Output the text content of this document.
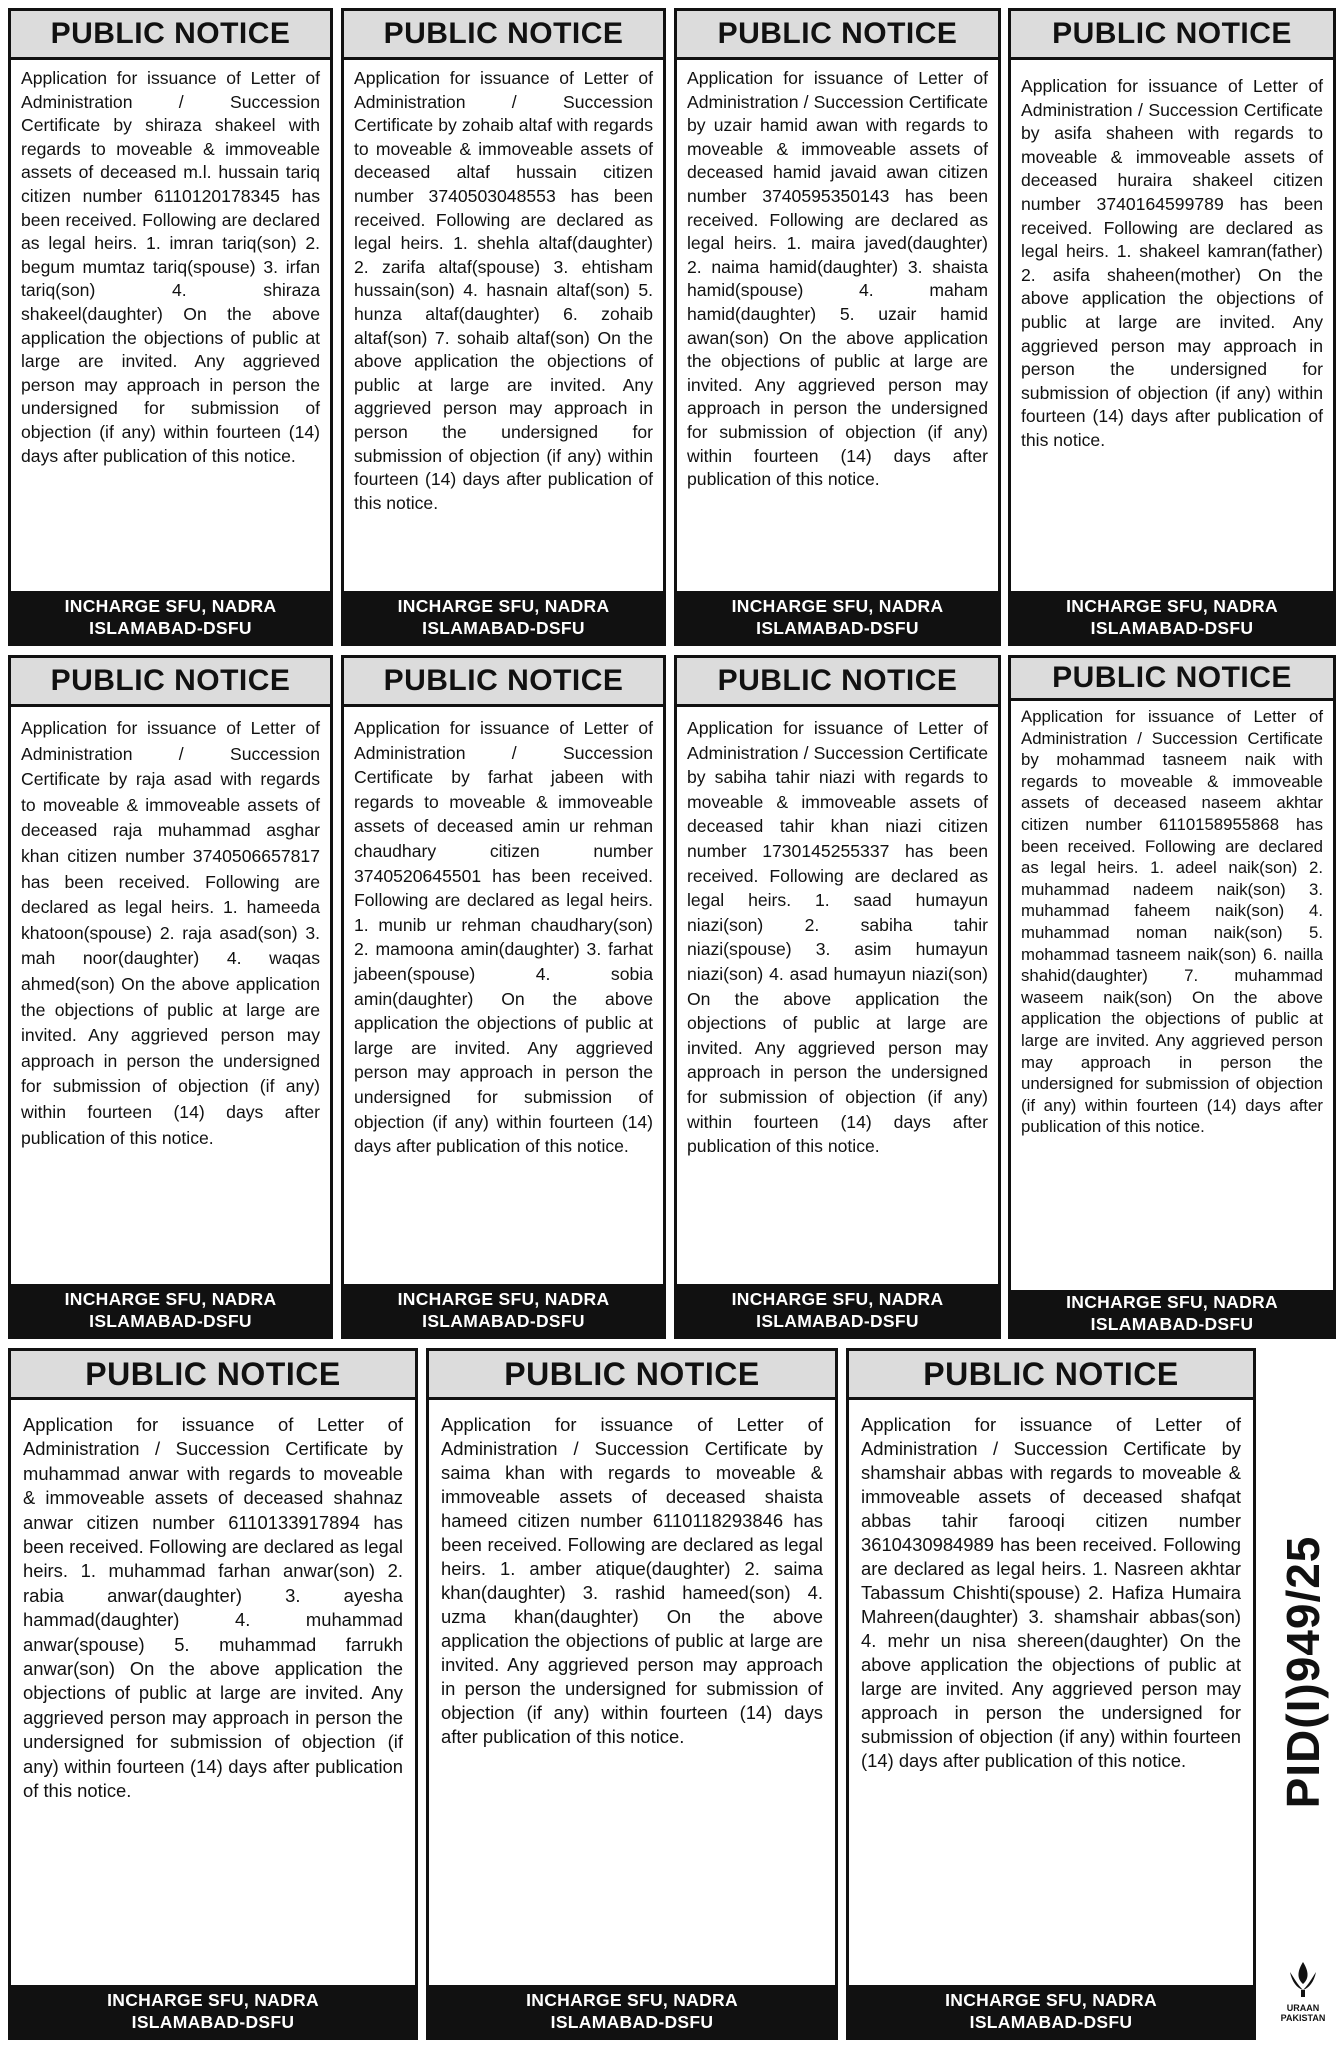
PUBLIC NOTICE
Application for issuance of Letter of Administration / Succession Certificate by shiraza shakeel with regards to moveable & immoveable assets of deceased m.l. hussain tariq citizen number 6110120178345 has been received. Following are declared as legal heirs. 1. imran tariq(son) 2. begum mumtaz tariq(spouse) 3. irfan tariq(son) 4. shiraza shakeel(daughter) On the above application the objections of public at large are invited. Any aggrieved person may approach in person the undersigned for submission of objection (if any) within fourteen (14) days after publication of this notice.
INCHARGE SFU, NADRA
ISLAMABAD-DSFU
PUBLIC NOTICE
Application for issuance of Letter of Administration / Succession Certificate by zohaib altaf with regards to moveable & immoveable assets of deceased altaf hussain citizen number 3740503048553 has been received. Following are declared as legal heirs. 1. shehla altaf(daughter) 2. zarifa altaf(spouse) 3. ehtisham hussain(son) 4. hasnain altaf(son) 5. hunza altaf(daughter) 6. zohaib altaf(son) 7. sohaib altaf(son) On the above application the objections of public at large are invited. Any aggrieved person may approach in person the undersigned for submission of objection (if any) within fourteen (14) days after publication of this notice.
INCHARGE SFU, NADRA
ISLAMABAD-DSFU
PUBLIC NOTICE
Application for issuance of Letter of Administration / Succession Certificate by uzair hamid awan with regards to moveable & immoveable assets of deceased hamid javaid awan citizen number 3740595350143 has been received. Following are declared as legal heirs. 1. maira javed(daughter) 2. naima hamid(daughter) 3. shaista hamid(spouse) 4. maham hamid(daughter) 5. uzair hamid awan(son) On the above application the objections of public at large are invited. Any aggrieved person may approach in person the undersigned for submission of objection (if any) within fourteen (14) days after publication of this notice.
INCHARGE SFU, NADRA
ISLAMABAD-DSFU
PUBLIC NOTICE
Application for issuance of Letter of Administration / Succession Certificate by asifa shaheen with regards to moveable & immoveable assets of deceased huraira shakeel citizen number 3740164599789 has been received. Following are declared as legal heirs. 1. shakeel kamran(father) 2. asifa shaheen(mother) On the above application the objections of public at large are invited. Any aggrieved person may approach in person the undersigned for submission of objection (if any) within fourteen (14) days after publication of this notice.
INCHARGE SFU, NADRA
ISLAMABAD-DSFU
PUBLIC NOTICE
Application for issuance of Letter of Administration / Succession Certificate by raja asad with regards to moveable & immoveable assets of deceased raja muhammad asghar khan citizen number 3740506657817 has been received. Following are declared as legal heirs. 1. hameeda khatoon(spouse) 2. raja asad(son) 3. mah noor(daughter) 4. waqas ahmed(son) On the above application the objections of public at large are invited. Any aggrieved person may approach in person the undersigned for submission of objection (if any) within fourteen (14) days after publication of this notice.
INCHARGE SFU, NADRA
ISLAMABAD-DSFU
PUBLIC NOTICE
Application for issuance of Letter of Administration / Succession Certificate by farhat jabeen with regards to moveable & immoveable assets of deceased amin ur rehman chaudhary citizen number 3740520645501 has been received. Following are declared as legal heirs. 1. munib ur rehman chaudhary(son) 2. mamoona amin(daughter) 3. farhat jabeen(spouse) 4. sobia amin(daughter) On the above application the objections of public at large are invited. Any aggrieved person may approach in person the undersigned for submission of objection (if any) within fourteen (14) days after publication of this notice.
INCHARGE SFU, NADRA
ISLAMABAD-DSFU
PUBLIC NOTICE
Application for issuance of Letter of Administration / Succession Certificate by sabiha tahir niazi with regards to moveable & immoveable assets of deceased tahir khan niazi citizen number 1730145255337 has been received. Following are declared as legal heirs. 1. saad humayun niazi(son) 2. sabiha tahir niazi(spouse) 3. asim humayun niazi(son) 4. asad humayun niazi(son) On the above application the objections of public at large are invited. Any aggrieved person may approach in person the undersigned for submission of objection (if any) within fourteen (14) days after publication of this notice.
INCHARGE SFU, NADRA
ISLAMABAD-DSFU
PUBLIC NOTICE
Application for issuance of Letter of Administration / Succession Certificate by mohammad tasneem naik with regards to moveable & immoveable assets of deceased naseem akhtar citizen number 6110158955868 has been received. Following are declared as legal heirs. 1. adeel naik(son) 2. muhammad nadeem naik(son) 3. muhammad faheem naik(son) 4. muhammad noman naik(son) 5. mohammad tasneem naik(son) 6. nailla shahid(daughter) 7. muhammad waseem naik(son) On the above application the objections of public at large are invited. Any aggrieved person may approach in person the undersigned for submission of objection (if any) within fourteen (14) days after publication of this notice.
INCHARGE SFU, NADRA
ISLAMABAD-DSFU
PUBLIC NOTICE
Application for issuance of Letter of Administration / Succession Certificate by muhammad anwar with regards to moveable & immoveable assets of deceased shahnaz anwar citizen number 6110133917894 has been received. Following are declared as legal heirs. 1. muhammad farhan anwar(son) 2. rabia anwar(daughter) 3. ayesha hammad(daughter) 4. muhammad anwar(spouse) 5. muhammad farrukh anwar(son) On the above application the objections of public at large are invited. Any aggrieved person may approach in person the undersigned for submission of objection (if any) within fourteen (14) days after publication of this notice.
INCHARGE SFU, NADRA
ISLAMABAD-DSFU
PUBLIC NOTICE
Application for issuance of Letter of Administration / Succession Certificate by saima khan with regards to moveable & immoveable assets of deceased shaista hameed citizen number 6110118293846 has been received. Following are declared as legal heirs. 1. amber atique(daughter) 2. saima khan(daughter) 3. rashid hameed(son) 4. uzma khan(daughter) On the above application the objections of public at large are invited. Any aggrieved person may approach in person the undersigned for submission of objection (if any) within fourteen (14) days after publication of this notice.
INCHARGE SFU, NADRA
ISLAMABAD-DSFU
PUBLIC NOTICE
Application for issuance of Letter of Administration / Succession Certificate by shamshair abbas with regards to moveable & immoveable assets of deceased shafqat abbas tahir farooqi citizen number 3610430984989 has been received. Following are declared as legal heirs. 1. Nasreen akhtar Tabassum Chishti(spouse) 2. Hafiza Humaira Mahreen(daughter) 3. shamshair abbas(son) 4. mehr un nisa shereen(daughter) On the above application the objections of public at large are invited. Any aggrieved person may approach in person the undersigned for submission of objection (if any) within fourteen (14) days after publication of this notice.
INCHARGE SFU, NADRA
ISLAMABAD-DSFU
PID(I)949/25
URAAN
PAKISTAN
